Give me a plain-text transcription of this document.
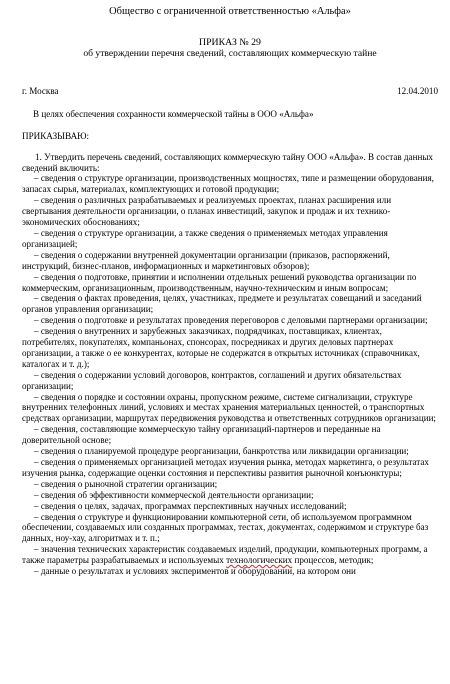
Общество с ограниченной ответственностью «Альфа»
ПРИКАЗ № 29
об утверждении перечня сведений, составляющих коммерческую тайне
г. Москва	12.04.2010
В целях обеспечения сохранности коммерческой тайны в ООО «Альфа»
ПРИКАЗЫВАЮ:

1. Утвердить перечень сведений, составляющих коммерческую тайну ООО «Альфа». В состав данных сведений включить:

– сведения о структуре организации, производственных мощностях, типе и размещении оборудования, запасах сырья, материалах, комплектующих и готовой продукции;

– сведения о различных разрабатываемых и реализуемых проектах, планах расширения или свертывания деятельности организации, о планах инвестиций, закупок и продаж и их технико-экономических обоснованиях;

– сведения о структуре организации, а также сведения о применяемых методах управления организацией;

– сведения о содержании внутренней документации организации (приказов, распоряжений, инструкций, бизнес-планов, информационных и маркетинговых обзоров);

– сведения о подготовке, принятии и исполнении отдельных решений руководства организации по коммерческим, организационным, производственным, научно-техническим и иным вопросам;

– сведения о фактах проведения, целях, участниках, предмете и результатах совещаний и заседаний органов управления организации;

– сведения о подготовке и результатах проведения переговоров с деловыми партнерами организации;

– сведения о внутренних и зарубежных заказчиках, подрядчиках, поставщиках, клиентах, потребителях, покупателях, компаньонах, спонсорах, посредниках и других деловых партнерах организации, а также о ее конкурентах, которые не содержатся в открытых источниках (справочниках, каталогах и т. д.);

– сведения о содержании условий договоров, контрактов, соглашений и других обязательствах организации;

– сведения о порядке и состоянии охраны, пропускном режиме, системе сигнализации, структуре внутренних телефонных линий, условиях и местах хранения материальных ценностей, о транспортных средствах организации, маршрутах передвижения руководства и ответственных сотрудников организации;

– сведения, составляющие коммерческую тайну организаций-партнеров и переданные на доверительной основе;

– сведения о планируемой процедуре реорганизации, банкротства или ликвидации организации;

– сведения о применяемых организацией методах изучения рынка, методах маркетинга, о результатах изучения рынка, содержащие оценки состояния и перспективы развития рыночной конъюнктуры;

– сведения о рыночной стратегии организации;

– сведения об эффективности коммерческой деятельности организации;

– сведения о целях, задачах, программах перспективных научных исследований;

– сведения о структуре и функционировании компьютерной сети, об используемом программном обеспечении, создаваемых или созданных программах, тестах, документах, содержимом и структуре баз данных, ноу-хау, алгоритмах и т. п.;

– значения технических характеристик создаваемых изделий, продукции, компьютерных программ, а также параметры разрабатываемых и используемых технологических процессов, методик;

– данные о результатах и условиях экспериментов и оборудовании, на котором они
